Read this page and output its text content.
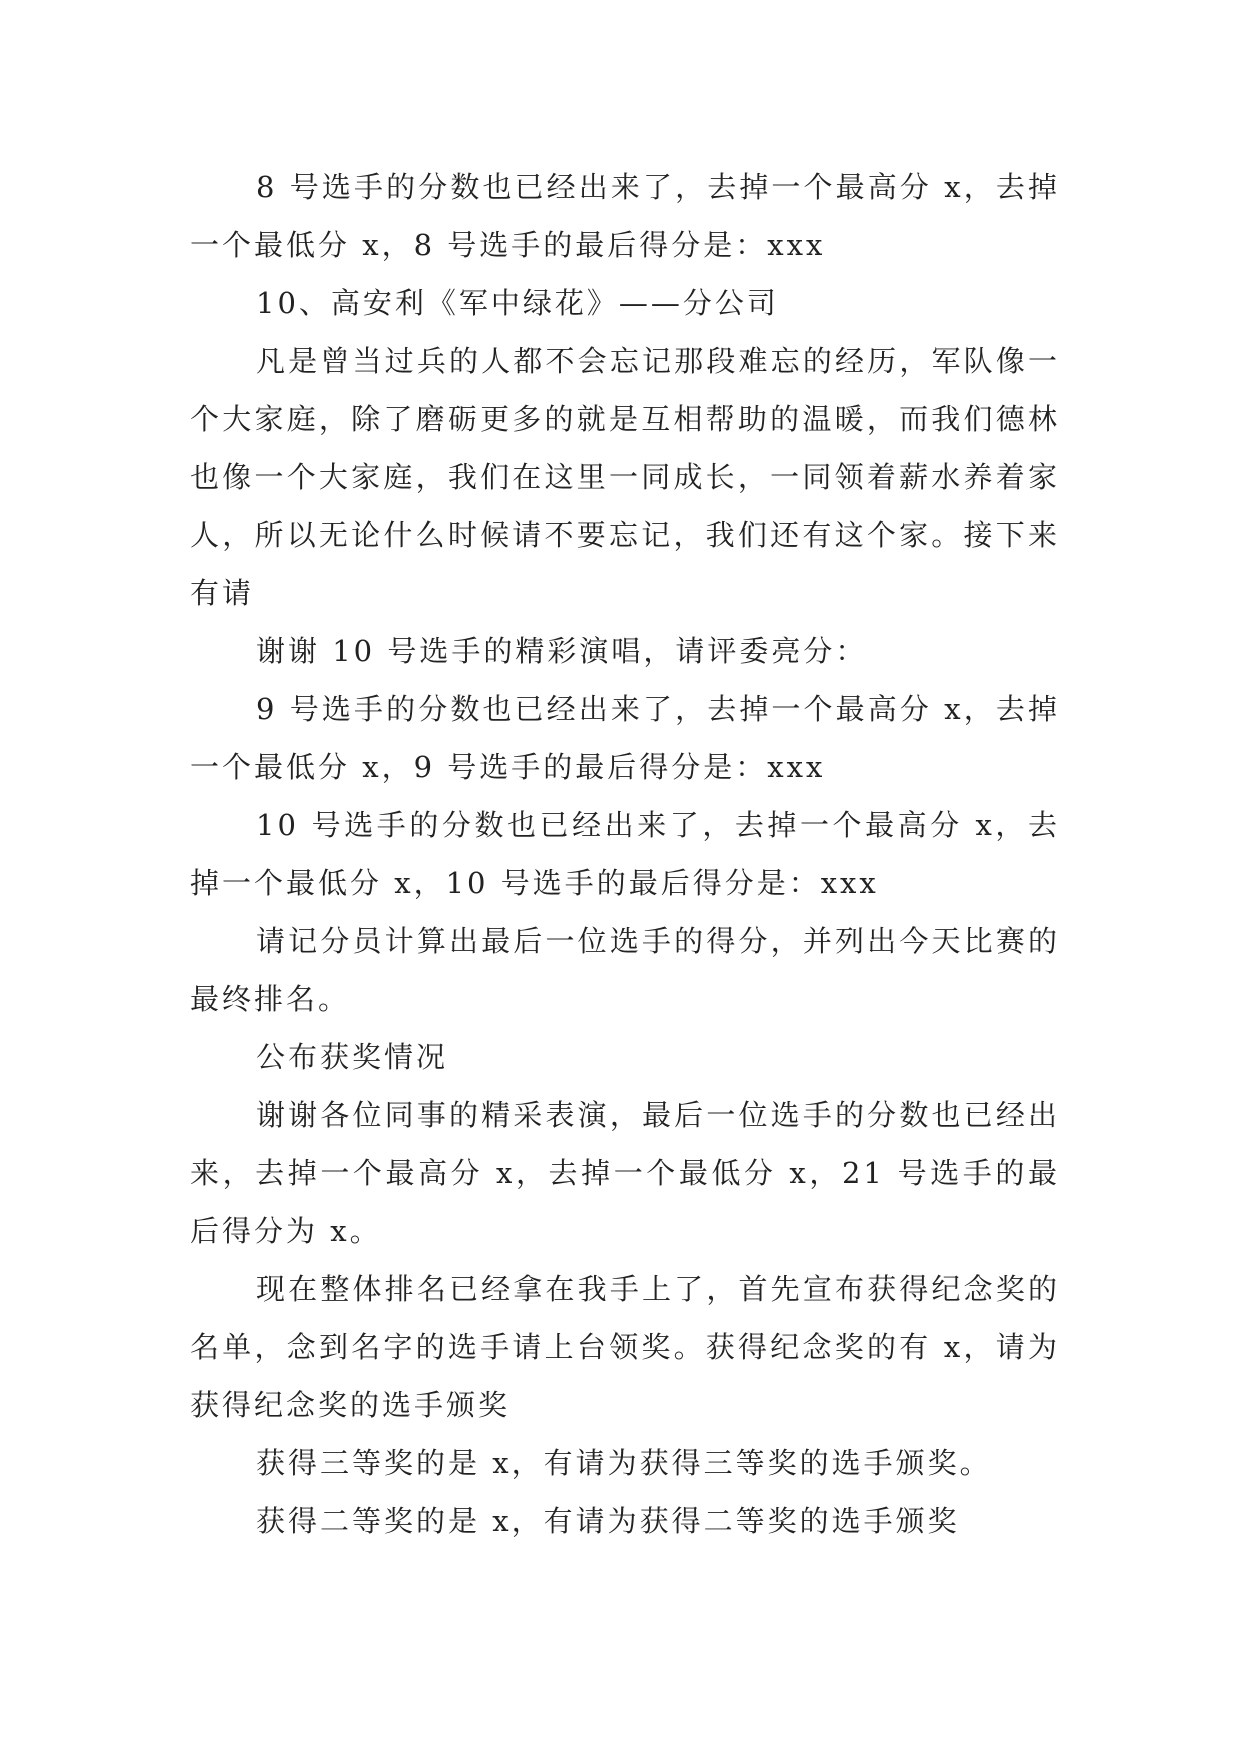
8 号选手的分数也已经出来了，去掉一个最高分 x，去掉一个最低分 x，8 号选手的最后得分是：xxx

10、高安利《军中绿花》——分公司

凡是曾当过兵的人都不会忘记那段难忘的经历，军队像一个大家庭，除了磨砺更多的就是互相帮助的温暖，而我们德林也像一个大家庭，我们在这里一同成长，一同领着薪水养着家人，所以无论什么时候请不要忘记，我们还有这个家。接下来有请

谢谢 10 号选手的精彩演唱，请评委亮分：

9 号选手的分数也已经出来了，去掉一个最高分 x，去掉一个最低分 x，9 号选手的最后得分是：xxx

10 号选手的分数也已经出来了，去掉一个最高分 x，去掉一个最低分 x，10 号选手的最后得分是：xxx

请记分员计算出最后一位选手的得分，并列出今天比赛的最终排名。

公布获奖情况

谢谢各位同事的精采表演，最后一位选手的分数也已经出来，去掉一个最高分 x，去掉一个最低分 x，21 号选手的最后得分为 x。

现在整体排名已经拿在我手上了，首先宣布获得纪念奖的名单，念到名字的选手请上台领奖。获得纪念奖的有 x，请为获得纪念奖的选手颁奖

获得三等奖的是 x，有请为获得三等奖的选手颁奖。

获得二等奖的是 x，有请为获得二等奖的选手颁奖
